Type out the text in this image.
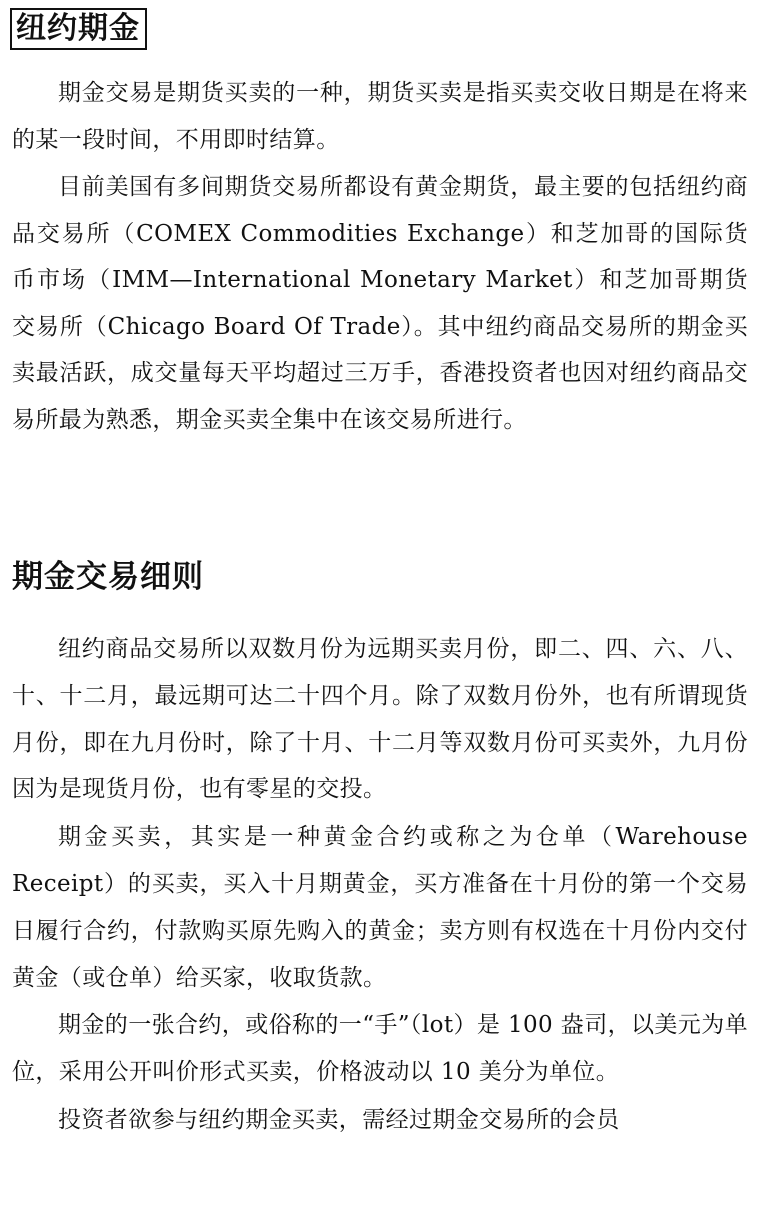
纽约期金

期金交易是期货买卖的一种，期货买卖是指买卖交收日期是在将来的某一段时间，不用即时结算。

目前美国有多间期货交易所都设有黄金期货，最主要的包括纽约商品交易所（COMEX Commodities Exchange）和芝加哥的国际货币市场（IMM—International Monetary Market）和芝加哥期货交易所（Chicago Board Of Trade）。其中纽约商品交易所的期金买卖最活跃，成交量每天平均超过三万手，香港投资者也因对纽约商品交易所最为熟悉，期金买卖全集中在该交易所进行。

期金交易细则

纽约商品交易所以双数月份为远期买卖月份，即二、四、六、八、十、十二月，最远期可达二十四个月。除了双数月份外，也有所谓现货月份，即在九月份时，除了十月、十二月等双数月份可买卖外，九月份因为是现货月份，也有零星的交投。

期金买卖，其实是一种黄金合约或称之为仓单（Warehouse Receipt）的买卖，买入十月期黄金，买方准备在十月份的第一个交易日履行合约，付款购买原先购入的黄金；卖方则有权选在十月份内交付黄金（或仓单）给买家，收取货款。

期金的一张合约，或俗称的一“手”（lot）是 100 盎司，以美元为单位，采用公开叫价形式买卖，价格波动以 10 美分为单位。

投资者欲参与纽约期金买卖，需经过期金交易所的会员
